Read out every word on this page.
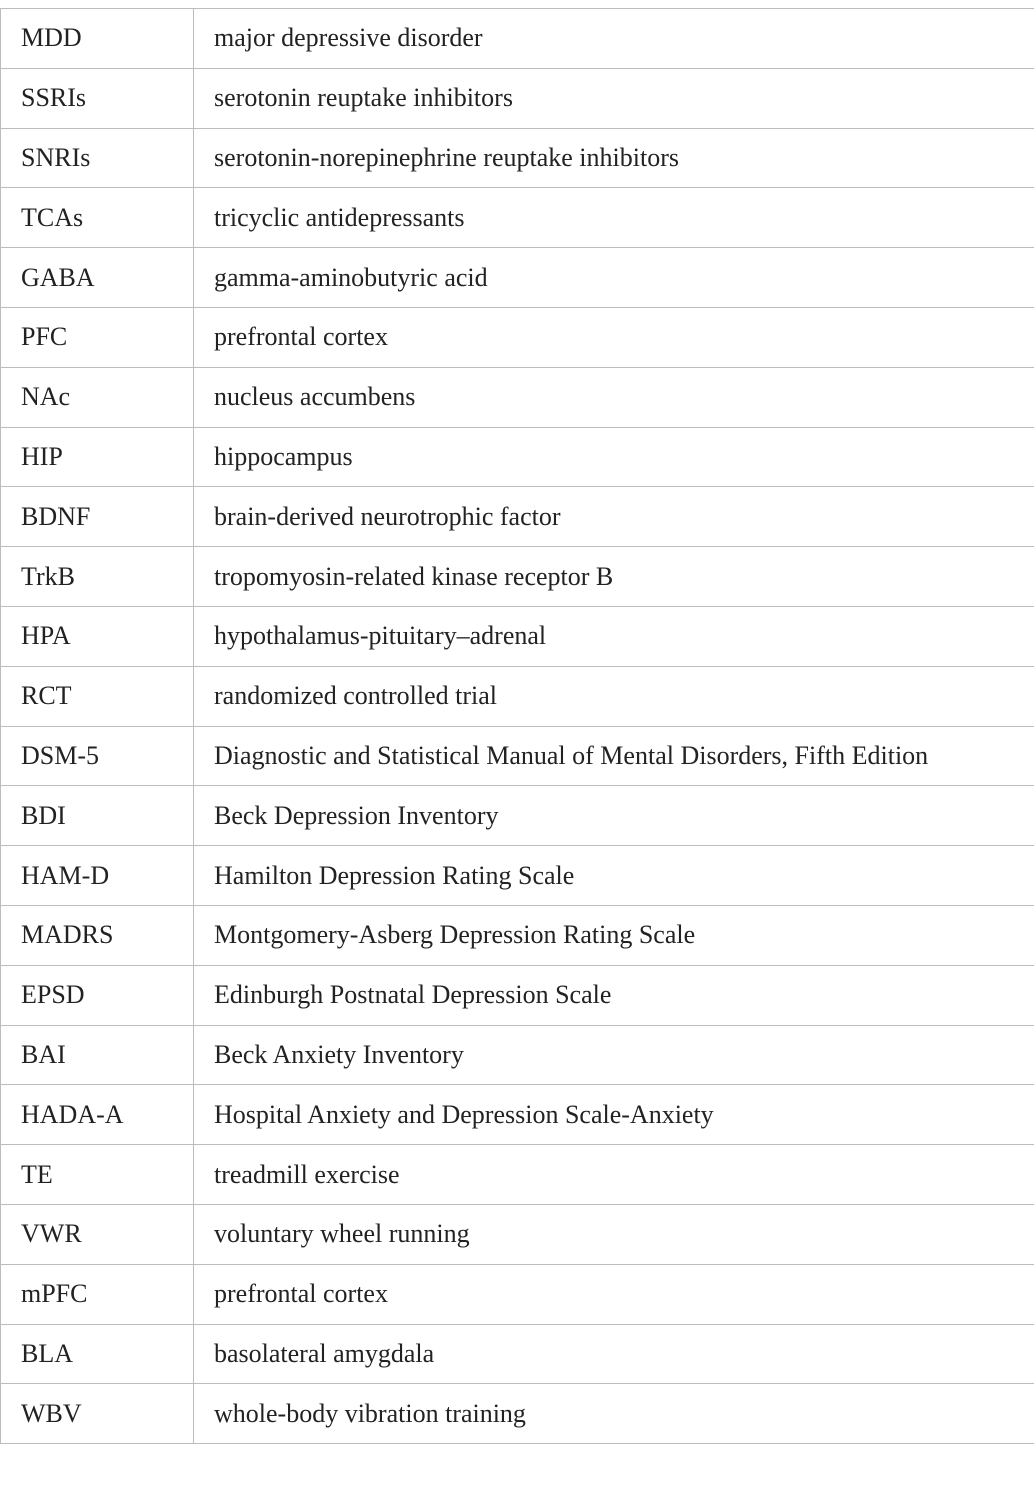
MDD	major depressive disorder
SSRIs	serotonin reuptake inhibitors
SNRIs	serotonin-norepinephrine reuptake inhibitors
TCAs	tricyclic antidepressants
GABA	gamma-aminobutyric acid
PFC	prefrontal cortex
NAc	nucleus accumbens
HIP	hippocampus
BDNF	brain-derived neurotrophic factor
TrkB	tropomyosin-related kinase receptor B
HPA	hypothalamus-pituitary–adrenal
RCT	randomized controlled trial
DSM-5	Diagnostic and Statistical Manual of Mental Disorders, Fifth Edition
BDI	Beck Depression Inventory
HAM-D	Hamilton Depression Rating Scale
MADRS	Montgomery-Asberg Depression Rating Scale
EPSD	Edinburgh Postnatal Depression Scale
BAI	Beck Anxiety Inventory
HADA-A	Hospital Anxiety and Depression Scale-Anxiety
TE	treadmill exercise
VWR	voluntary wheel running
mPFC	prefrontal cortex
BLA	basolateral amygdala
WBV	whole-body vibration training
